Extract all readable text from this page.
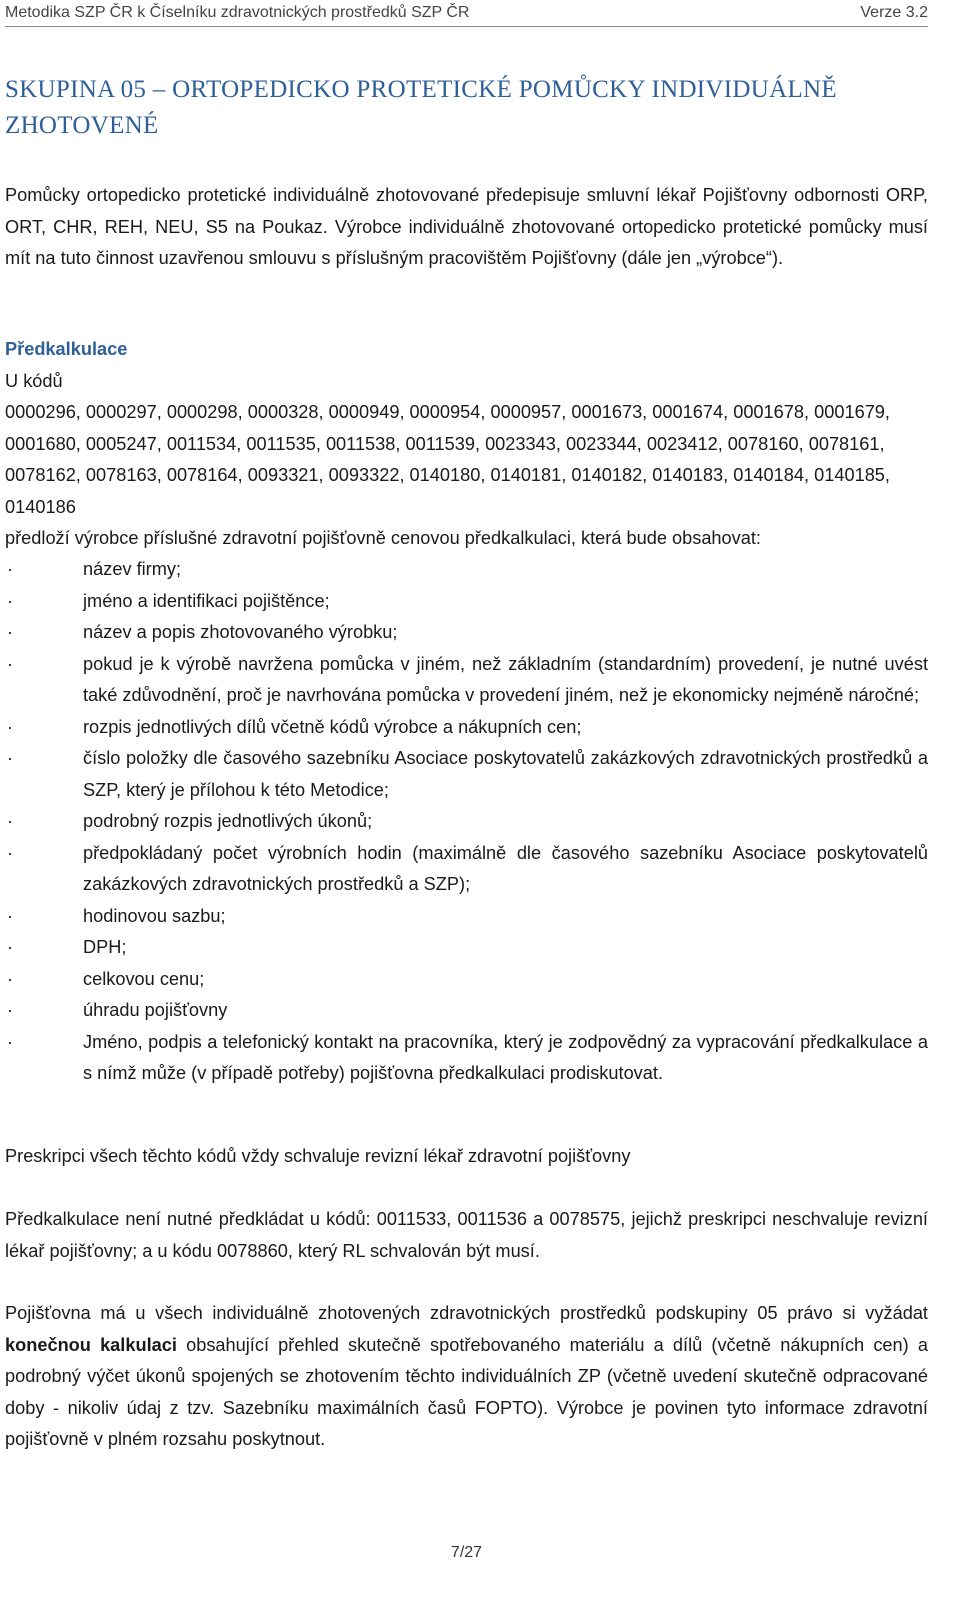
Metodika SZP ČR k Číselníku zdravotnických prostředků SZP ČR	Verze 3.2
SKUPINA 05 – ORTOPEDICKO PROTETICKÉ POMŮCKY INDIVIDUÁLNĚ ZHOTOVENÉ
Pomůcky ortopedicko protetické individuálně zhotovované předepisuje smluvní lékař Pojišťovny odbornosti ORP, ORT, CHR, REH, NEU, S5 na Poukaz. Výrobce individuálně zhotovované ortopedicko protetické pomůcky musí mít na tuto činnost uzavřenou smlouvu s příslušným pracovištěm Pojišťovny (dále jen „výrobce“).
Předkalkulace
U kódů
0000296, 0000297, 0000298, 0000328, 0000949, 0000954, 0000957, 0001673, 0001674, 0001678, 0001679, 0001680, 0005247, 0011534, 0011535, 0011538, 0011539, 0023343, 0023344, 0023412, 0078160, 0078161, 0078162, 0078163, 0078164, 0093321, 0093322, 0140180, 0140181, 0140182, 0140183, 0140184, 0140185, 0140186
předloží výrobce příslušné zdravotní pojišťovně cenovou předkalkulaci, která bude obsahovat:
·	název firmy;
·	jméno a identifikaci pojištěnce;
·	název a popis zhotovovaného výrobku;
·	pokud je k výrobě navržena pomůcka v jiném, než základním (standardním) provedení, je nutné uvést také zdůvodnění, proč je navrhována pomůcka v provedení jiném, než je ekonomicky nejméně náročné;
·	rozpis jednotlivých dílů včetně kódů výrobce a nákupních cen;
·	číslo položky dle časového sazebníku Asociace poskytovatelů zakázkových zdravotnických prostředků a SZP, který je přílohou k této Metodice;
·	podrobný rozpis jednotlivých úkonů;
·	předpokládaný počet výrobních hodin (maximálně dle časového sazebníku Asociace poskytovatelů zakázkových zdravotnických prostředků a SZP);
·	hodinovou sazbu;
·	DPH;
·	celkovou cenu;
·	úhradu pojišťovny
·	Jméno, podpis a telefonický kontakt na pracovníka, který je zodpovědný za vypracování předkalkulace a s nímž může (v případě potřeby) pojišťovna předkalkulaci prodiskutovat.
Preskripci všech těchto kódů vždy schvaluje revizní lékař zdravotní pojišťovny
Předkalkulace není nutné předkládat u kódů: 0011533, 0011536 a 0078575, jejichž preskripci neschvaluje revizní lékař pojišťovny; a u kódu 0078860, který RL schvalován být musí.
Pojišťovna má u všech individuálně zhotovených zdravotnických prostředků podskupiny 05 právo si vyžádat konečnou kalkulaci obsahující přehled skutečně spotřebovaného materiálu a dílů (včetně nákupních cen) a podrobný výčet úkonů spojených se zhotovením těchto individuálních ZP (včetně uvedení skutečně odpracované doby - nikoliv údaj z tzv. Sazebníku maximálních časů FOPTO). Výrobce je povinen tyto informace zdravotní pojišťovně v plném rozsahu poskytnout.
7/27
